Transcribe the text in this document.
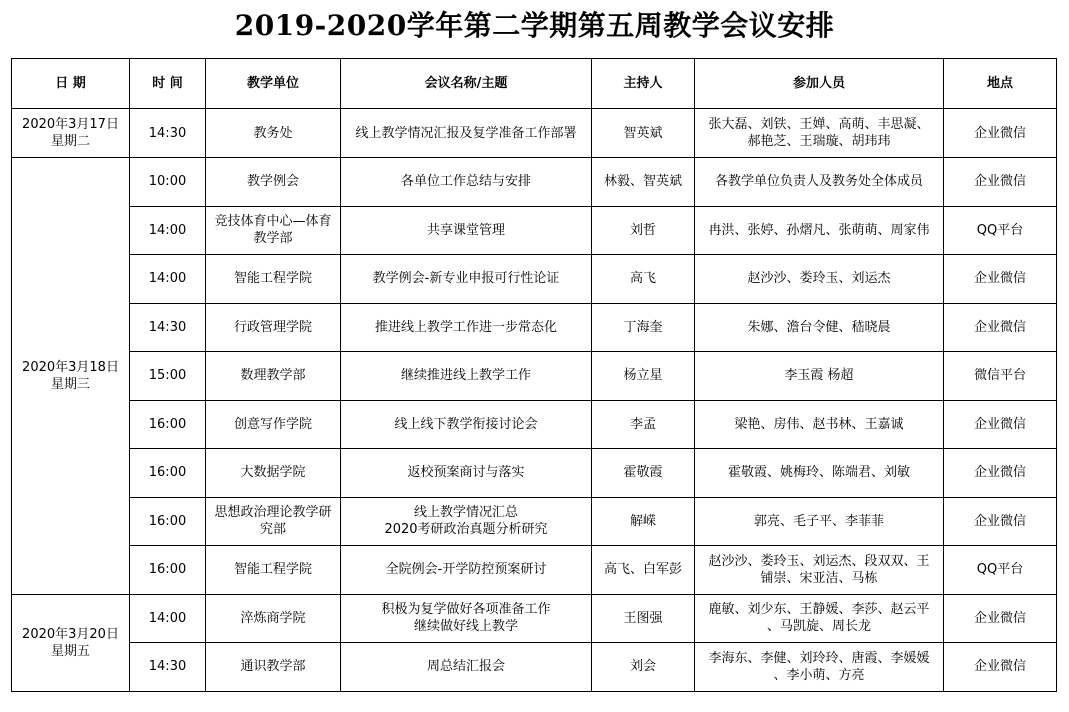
2019-2020学年第二学期第五周教学会议安排
日 期	时 间	教学单位	会议名称/主题	主持人	参加人员	地点
2020年3月17日
星期二	14:30	教务处	线上教学情况汇报及复学准备工作部署	智英斌	张大磊、刘铁、王婵、高萌、丰思凝、
郝艳芝、王瑞璇、胡玮玮	企业微信
2020年3月18日
星期三	10:00	教学例会	各单位工作总结与安排	林毅、智英斌	各教学单位负责人及教务处全体成员	企业微信
	14:00	竞技体育中心—体育
教学部	共享课堂管理	刘哲	冉洪、张婷、孙熠凡、张萌萌、周家伟	QQ平台
	14:00	智能工程学院	教学例会-新专业申报可行性论证	高飞	赵沙沙、娄玲玉、刘运杰	企业微信
	14:30	行政管理学院	推进线上教学工作进一步常态化	丁海奎	朱娜、澹台令健、嵇晓晨	企业微信
	15:00	数理教学部	继续推进线上教学工作	杨立星	李玉霞 杨超	微信平台
	16:00	创意写作学院	线上线下教学衔接讨论会	李孟	梁艳、房伟、赵书林、王嘉诚	企业微信
	16:00	大数据学院	返校预案商讨与落实	霍敬霞	霍敬霞、姚梅玲、陈端君、刘敏	企业微信
	16:00	思想政治理论教学研
究部	线上教学情况汇总
2020考研政治真题分析研究	解嵘	郭亮、毛子平、李菲菲	企业微信
	16:00	智能工程学院	全院例会-开学防控预案研讨	高飞、白军彭	赵沙沙、娄玲玉、刘运杰、段双双、王
铺崇、宋亚洁、马栋	QQ平台
2020年3月20日
星期五	14:00	淬炼商学院	积极为复学做好各项准备工作
继续做好线上教学	王图强	鹿敏、刘少东、王静媛、李莎、赵云平
、马凯旋、周长龙	企业微信
	14:30	通识教学部	周总结汇报会	刘会	李海东、李健、刘玲玲、唐霞、李媛媛
、李小萌、方亮	企业微信
